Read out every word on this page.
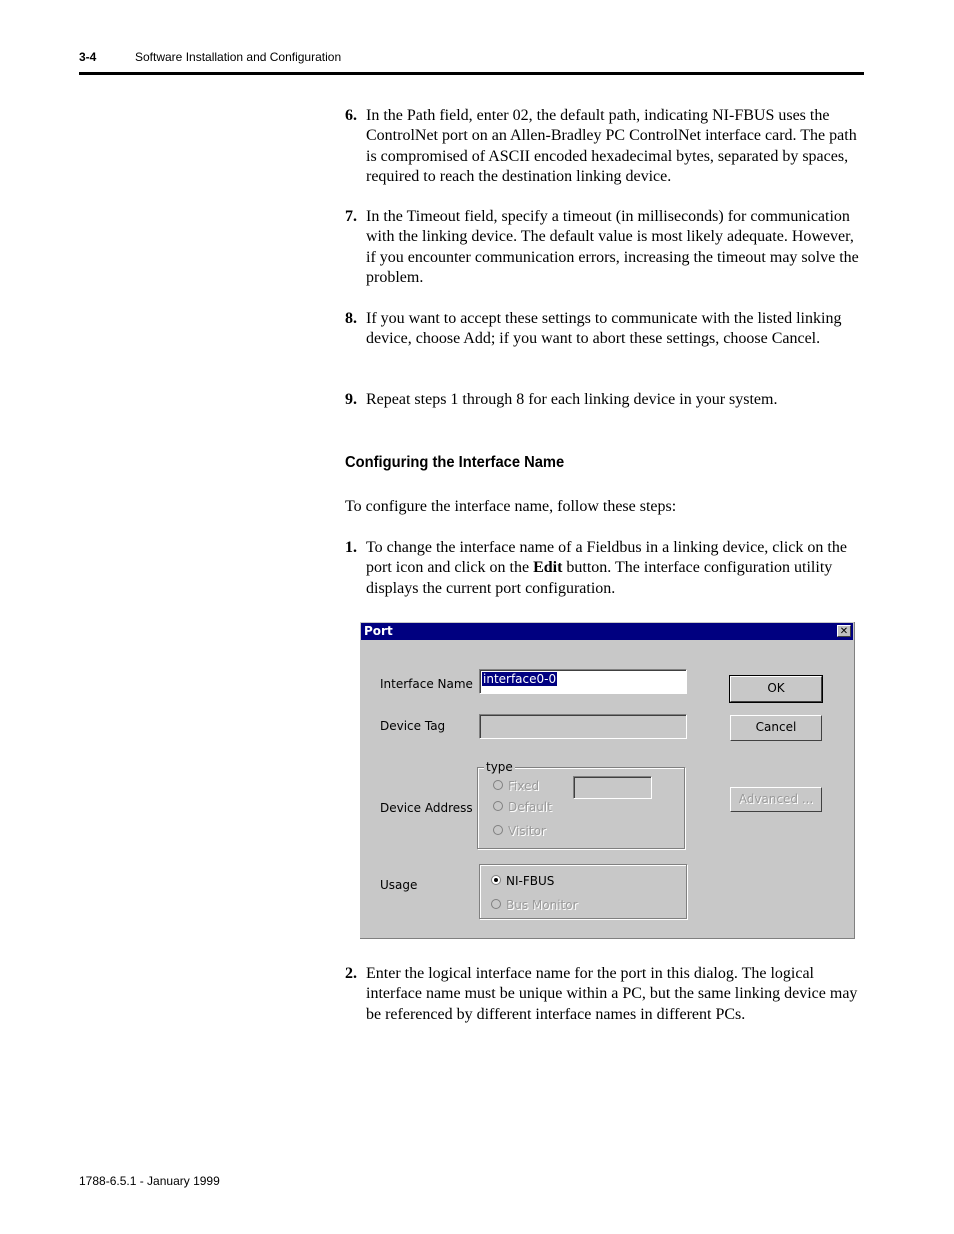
3-4	Software Installation and Configuration
6. In the Path field, enter 02, the default path, indicating NI-FBUS uses the ControlNet port on an Allen-Bradley PC ControlNet interface card. The path is compromised of ASCII encoded hexadecimal bytes, separated by spaces, required to reach the destination linking device.
7. In the Timeout field, specify a timeout (in milliseconds) for communication with the linking device. The default value is most likely adequate. However, if you encounter communication errors, increasing the timeout may solve the problem.
8. If you want to accept these settings to communicate with the listed linking device, choose Add; if you want to abort these settings, choose Cancel.
9. Repeat steps 1 through 8 for each linking device in your system.
Configuring the Interface Name
To configure the interface name, follow these steps:
1. To change the interface name of a Fieldbus in a linking device, click on the port icon and click on the Edit button. The interface configuration utility displays the current port configuration.
Port	✕
Interface Name interface0-0
Device Tag
Device Address
type
Fixed
Default
Visitor
Usage	NI-FBUS
Bus Monitor
OK
Cancel
Advanced ...
2. Enter the logical interface name for the port in this dialog. The logical interface name must be unique within a PC, but the same linking device may be referenced by different interface names in different PCs.
1788-6.5.1 - January 1999
